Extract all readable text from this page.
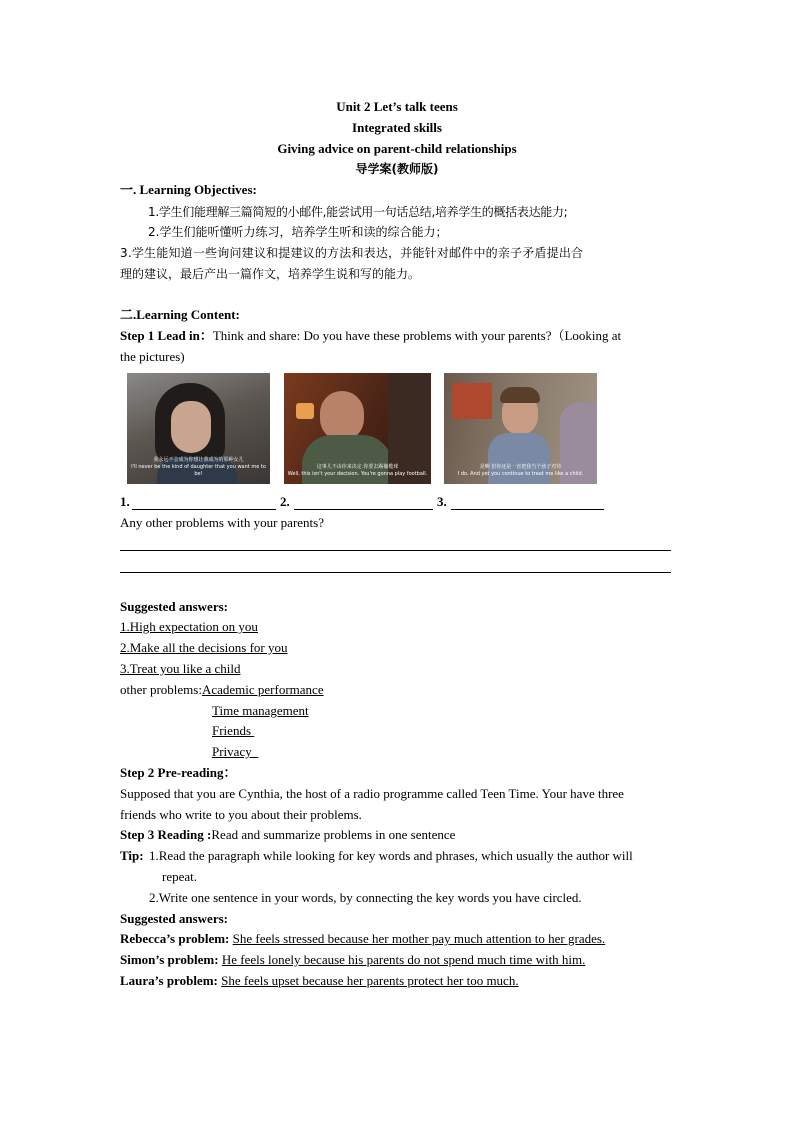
Unit 2 Let’s talk teens
Integrated skills
Giving advice on parent-child relationships
导学案(教师版)
一. Learning Objectives:
1.学生们能理解三篇简短的小邮件,能尝试用一句话总结,培养学生的概括表达能力;
2.学生们能听懂听力练习，培养学生听和读的综合能力；
3.学生能知道一些询问建议和提建议的方法和表达，并能针对邮件中的亲子矛盾提出合
理的建议，最后产出一篇作文，培养学生说和写的能力。
二.Learning Content:
Step 1 Lead in：Think and share: Do you have these problems with your parents?（Looking at
the pictures)
我永远不会成为你想让我成为的那种女儿
I'll never be the kind of daughter that you want me to be!
这事儿不由你来决定.你要去踢橄榄球
Well, this isn't your decision. You're gonna play football.
是啊 但你还是一直把我当个孩子对待
I do. And yet you continue to treat me like a child.
1.	2.	3.
Any other problems with your parents?
Suggested answers:
1.High expectation on you
2.Make all the decisions for you
3.Treat you like a child
other problems:Academic performance
Time management
Friends
Privacy
Step 2 Pre-reading：
Supposed that you are Cynthia, the host of a radio programme called Teen Time. Your have three
friends who write to you about their problems.
Step 3 Reading :Read and summarize problems in one sentence
Tip: 1.Read the paragraph while looking for key words and phrases, which usually the author will
repeat.
2.Write one sentence in your words, by connecting the key words you have circled.
Suggested answers:
Rebecca’s problem: She feels stressed because her mother pay much attention to her grades.
Simon’s problem: He feels lonely because his parents do not spend much time with him.
Laura’s problem: She feels upset because her parents protect her too much.
